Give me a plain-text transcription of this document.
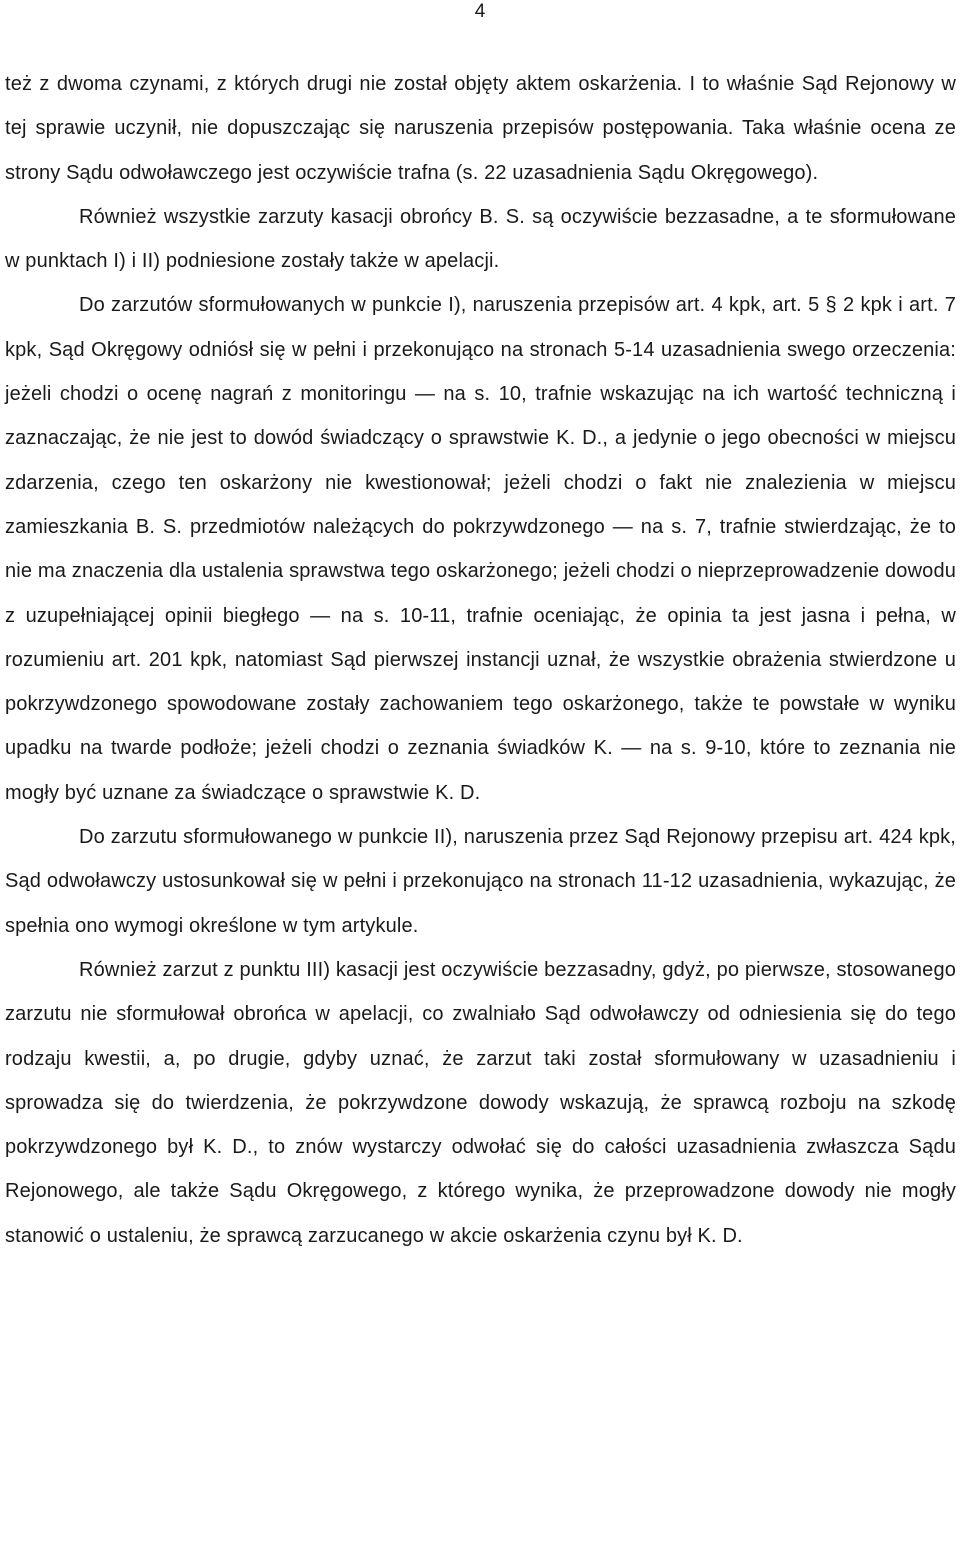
4

też z dwoma czynami, z których drugi nie został objęty aktem oskarżenia. I to właśnie Sąd Rejonowy w tej sprawie uczynił, nie dopuszczając się naruszenia przepisów postępowania. Taka właśnie ocena ze strony Sądu odwoławczego jest oczywiście trafna (s. 22 uzasadnienia Sądu Okręgowego).

Również wszystkie zarzuty kasacji obrońcy B. S. są oczywiście bezzasadne, a te sformułowane w punktach I) i II) podniesione zostały także w apelacji.

Do zarzutów sformułowanych w punkcie I), naruszenia przepisów art. 4 kpk, art. 5 § 2 kpk i art. 7 kpk, Sąd Okręgowy odniósł się w pełni i przekonująco na stronach 5-14 uzasadnienia swego orzeczenia: jeżeli chodzi o ocenę nagrań z monitoringu — na s. 10, trafnie wskazując na ich wartość techniczną i zaznaczając, że nie jest to dowód świadczący o sprawstwie K. D., a jedynie o jego obecności w miejscu zdarzenia, czego ten oskarżony nie kwestionował; jeżeli chodzi o fakt nie znalezienia w miejscu zamieszkania B. S. przedmiotów należących do pokrzywdzonego — na s. 7, trafnie stwierdzając, że to nie ma znaczenia dla ustalenia sprawstwa tego oskarżonego; jeżeli chodzi o nieprzeprowadzenie dowodu z uzupełniającej opinii biegłego — na s. 10-11, trafnie oceniając, że opinia ta jest jasna i pełna, w rozumieniu art. 201 kpk, natomiast Sąd pierwszej instancji uznał, że wszystkie obrażenia stwierdzone u pokrzywdzonego spowodowane zostały zachowaniem tego oskarżonego, także te powstałe w wyniku upadku na twarde podłoże; jeżeli chodzi o zeznania świadków K. — na s. 9-10, które to zeznania nie mogły być uznane za świadczące o sprawstwie K. D.

Do zarzutu sformułowanego w punkcie II), naruszenia przez Sąd Rejonowy przepisu art. 424 kpk, Sąd odwoławczy ustosunkował się w pełni i przekonująco na stronach 11-12 uzasadnienia, wykazując, że spełnia ono wymogi określone w tym artykule.

Również zarzut z punktu III) kasacji jest oczywiście bezzasadny, gdyż, po pierwsze, stosowanego zarzutu nie sformułował obrońca w apelacji, co zwalniało Sąd odwoławczy od odniesienia się do tego rodzaju kwestii, a, po drugie, gdyby uznać, że zarzut taki został sformułowany w uzasadnieniu i sprowadza się do twierdzenia, że pokrzywdzone dowody wskazują, że sprawcą rozboju na szkodę pokrzywdzonego był K. D., to znów wystarczy odwołać się do całości uzasadnienia zwłaszcza Sądu Rejonowego, ale także Sądu Okręgowego, z którego wynika, że przeprowadzone dowody nie mogły stanowić o ustaleniu, że sprawcą zarzucanego w akcie oskarżenia czynu był K. D.
